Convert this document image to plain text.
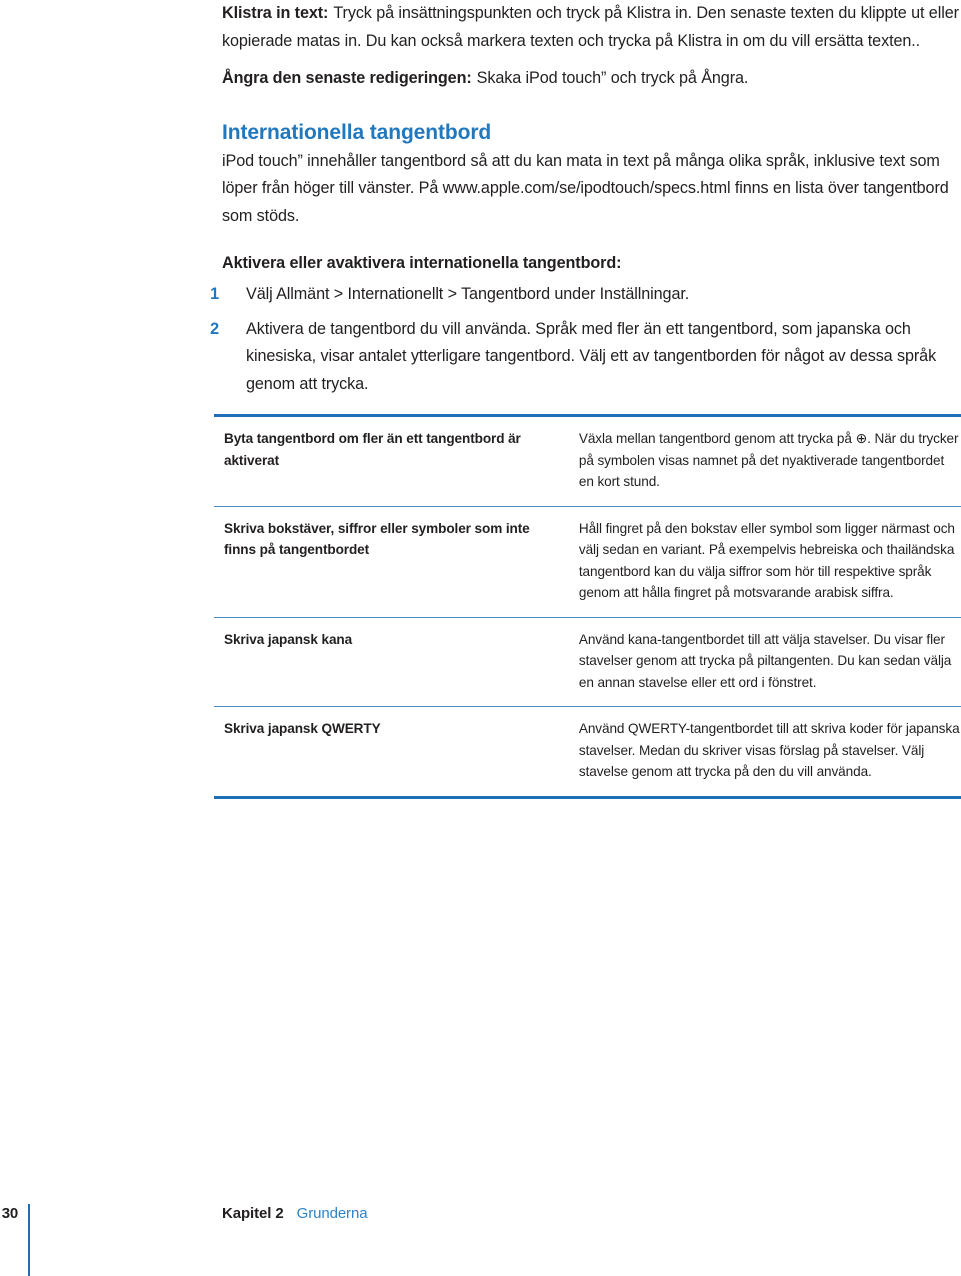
Klistra in text: Tryck på insättningspunkten och tryck på Klistra in. Den senaste texten du klippte ut eller kopierade matas in. Du kan också markera texten och trycka på Klistra in om du vill ersätta texten..

Ångra den senaste redigeringen: Skaka iPod touch” och tryck på Ångra.

Internationella tangentbord

iPod touch” innehåller tangentbord så att du kan mata in text på många olika språk, inklusive text som löper från höger till vänster. På www.apple.com/se/ipodtouch/specs.html finns en lista över tangentbord som stöds.

Aktivera eller avaktivera internationella tangentbord:

1 Välj Allmänt > Internationellt > Tangentbord under Inställningar.
2 Aktivera de tangentbord du vill använda. Språk med fler än ett tangentbord, som japanska och kinesiska, visar antalet ytterligare tangentbord. Välj ett av tangentborden för något av dessa språk genom att trycka.
Byta tangentbord om fler än ett tangentbord är aktiverat	Växla mellan tangentbord genom att trycka på ⊕. När du trycker på symbolen visas namnet på det nyaktiverade tangentbordet en kort stund.
Skriva bokstäver, siffror eller symboler som inte finns på tangentbordet	Håll fingret på den bokstav eller symbol som ligger närmast och välj sedan en variant. På exempelvis hebreiska och thailändska tangentbord kan du välja siffror som hör till respektive språk genom att hålla fingret på motsvarande arabisk siffra.
Skriva japansk kana	Använd kana-tangentbordet till att välja stavelser. Du visar fler stavelser genom att trycka på piltangenten. Du kan sedan välja en annan stavelse eller ett ord i fönstret.
Skriva japansk QWERTY	Använd QWERTY-tangentbordet till att skriva koder för japanska stavelser. Medan du skriver visas förslag på stavelser. Välj stavelse genom att trycka på den du vill använda.
30	Kapitel 2 Grunderna
